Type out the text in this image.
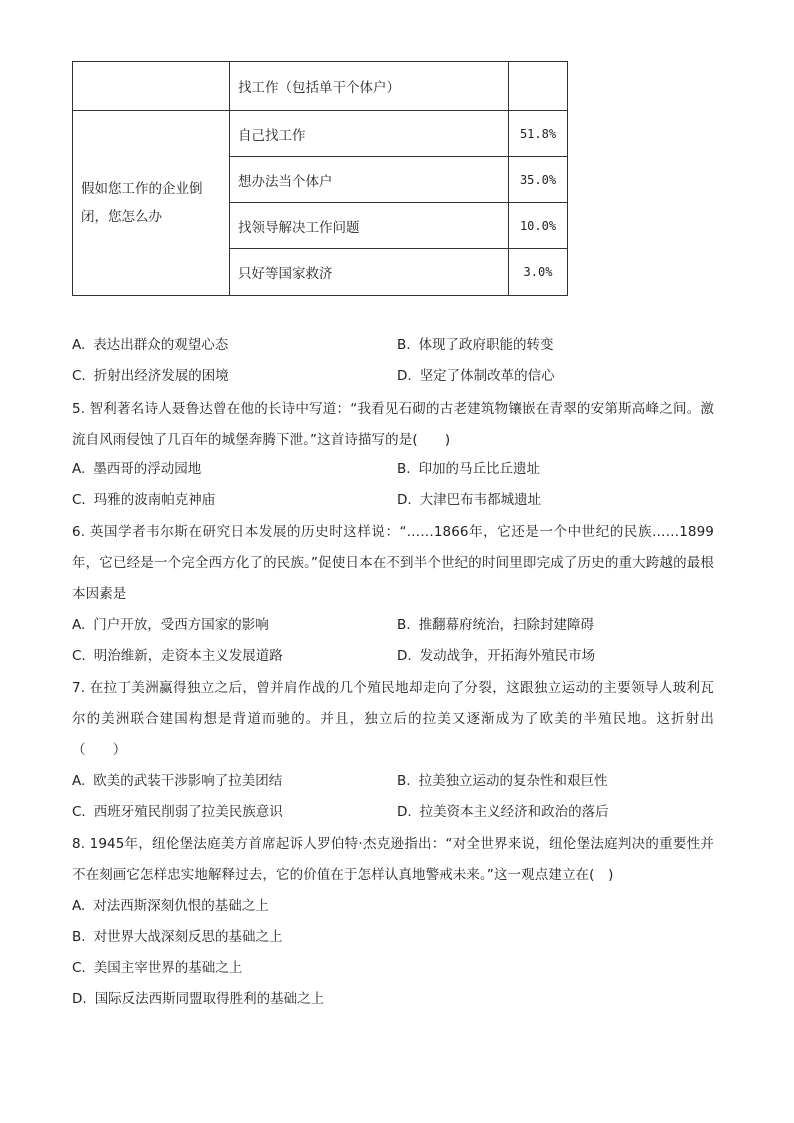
	找工作（包括单干个体户）	
假如您工作的企业倒闭，您怎么办	自己找工作	51.8%
	想办法当个体户	35.0%
	找领导解决工作问题	10.0%
	只好等国家救济	3.0%
A. 表达出群众的观望心态	B. 体现了政府职能的转变
C. 折射出经济发展的困境	D. 坚定了体制改革的信心
5. 智利著名诗人聂鲁达曾在他的长诗中写道：“我看见石砌的古老建筑物镶嵌在青翠的安第斯高峰之间。激流自风雨侵蚀了几百年的城堡奔腾下泄。”这首诗描写的是(　　)
A. 墨西哥的浮动园地	B. 印加的马丘比丘遗址
C. 玛雅的波南帕克神庙	D. 大津巴布韦都城遗址
6. 英国学者韦尔斯在研究日本发展的历史时这样说：“……1866年，它还是一个中世纪的民族……1899年，它已经是一个完全西方化了的民族。”促使日本在不到半个世纪的时间里即完成了历史的重大跨越的最根本因素是
A. 门户开放，受西方国家的影响	B. 推翻幕府统治，扫除封建障碍
C. 明治维新，走资本主义发展道路	D. 发动战争，开拓海外殖民市场
7. 在拉丁美洲赢得独立之后，曾并肩作战的几个殖民地却走向了分裂，这跟独立运动的主要领导人玻利瓦尔的美洲联合建国构想是背道而驰的。并且，独立后的拉美又逐渐成为了欧美的半殖民地。这折射出（　　）
A. 欧美的武装干涉影响了拉美团结	B. 拉美独立运动的复杂性和艰巨性
C. 西班牙殖民削弱了拉美民族意识	D. 拉美资本主义经济和政治的落后
8. 1945年，纽伦堡法庭美方首席起诉人罗伯特·杰克逊指出：“对全世界来说，纽伦堡法庭判决的重要性并不在刻画它怎样忠实地解释过去，它的价值在于怎样认真地警戒未来。”这一观点建立在(　)
A. 对法西斯深刻仇恨的基础之上
B. 对世界大战深刻反思的基础之上
C. 美国主宰世界的基础之上
D. 国际反法西斯同盟取得胜利的基础之上
